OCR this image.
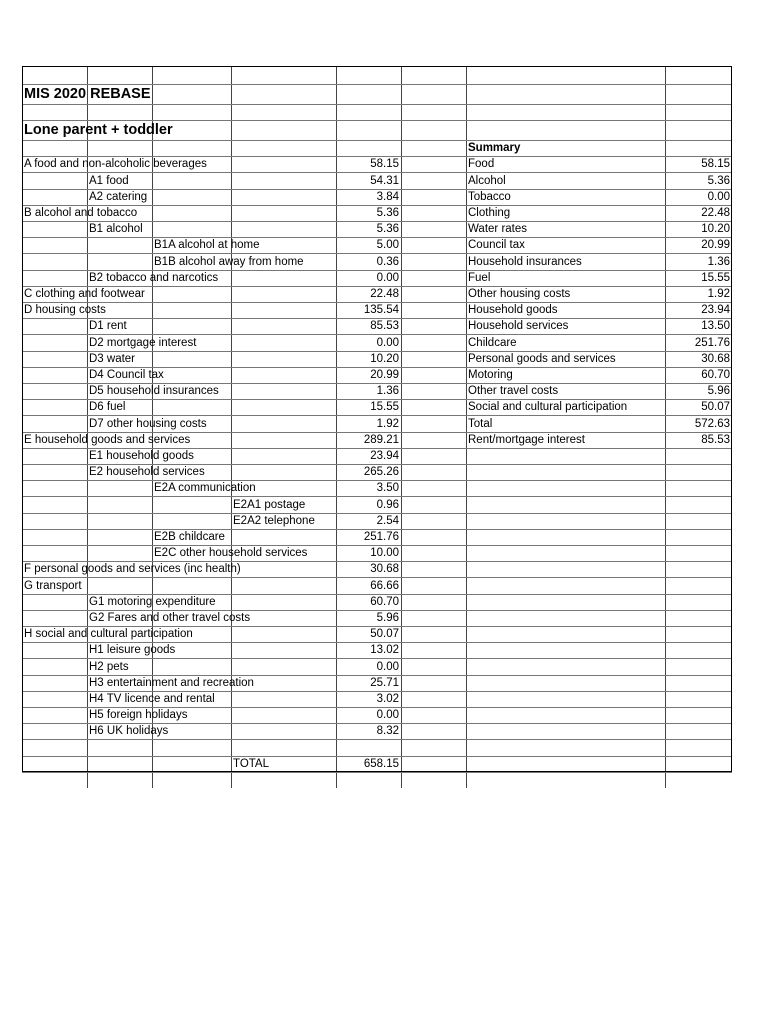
MIS 2020 REBASE
Lone parent + toddler
A food and non-alcoholic beverages	58.15
A1 food	54.31
A2 catering	3.84
B alcohol and tobacco	5.36
B1 alcohol	5.36
B1A alcohol at home	5.00
B1B alcohol away from home	0.36
B2 tobacco and narcotics	0.00
C clothing and footwear	22.48
D housing costs	135.54
D1 rent	85.53
D2 mortgage interest	0.00
D3 water	10.20
D4 Council tax	20.99
D5 household insurances	1.36
D6 fuel	15.55
D7 other housing costs	1.92
E household goods and services	289.21
E1 household goods	23.94
E2 household services	265.26
E2A communication	3.50
E2A1 postage	0.96
E2A2 telephone	2.54
E2B childcare	251.76
E2C other household services	10.00
F personal goods and services (inc health)	30.68
G transport	66.66
G1 motoring expenditure	60.70
G2 Fares and other travel costs	5.96
H social and cultural participation	50.07
H1 leisure goods	13.02
H2 pets	0.00
H3 entertainment and recreation	25.71
H4 TV licence and rental	3.02
H5 foreign holidays	0.00
H6 UK holidays	8.32
TOTAL	658.15
Summary
Food	58.15
Alcohol	5.36
Tobacco	0.00
Clothing	22.48
Water rates	10.20
Council tax	20.99
Household insurances	1.36
Fuel	15.55
Other housing costs	1.92
Household goods	23.94
Household services	13.50
Childcare	251.76
Personal goods and services	30.68
Motoring	60.70
Other travel costs	5.96
Social and cultural participation	50.07
Total	572.63
Rent/mortgage interest	85.53
